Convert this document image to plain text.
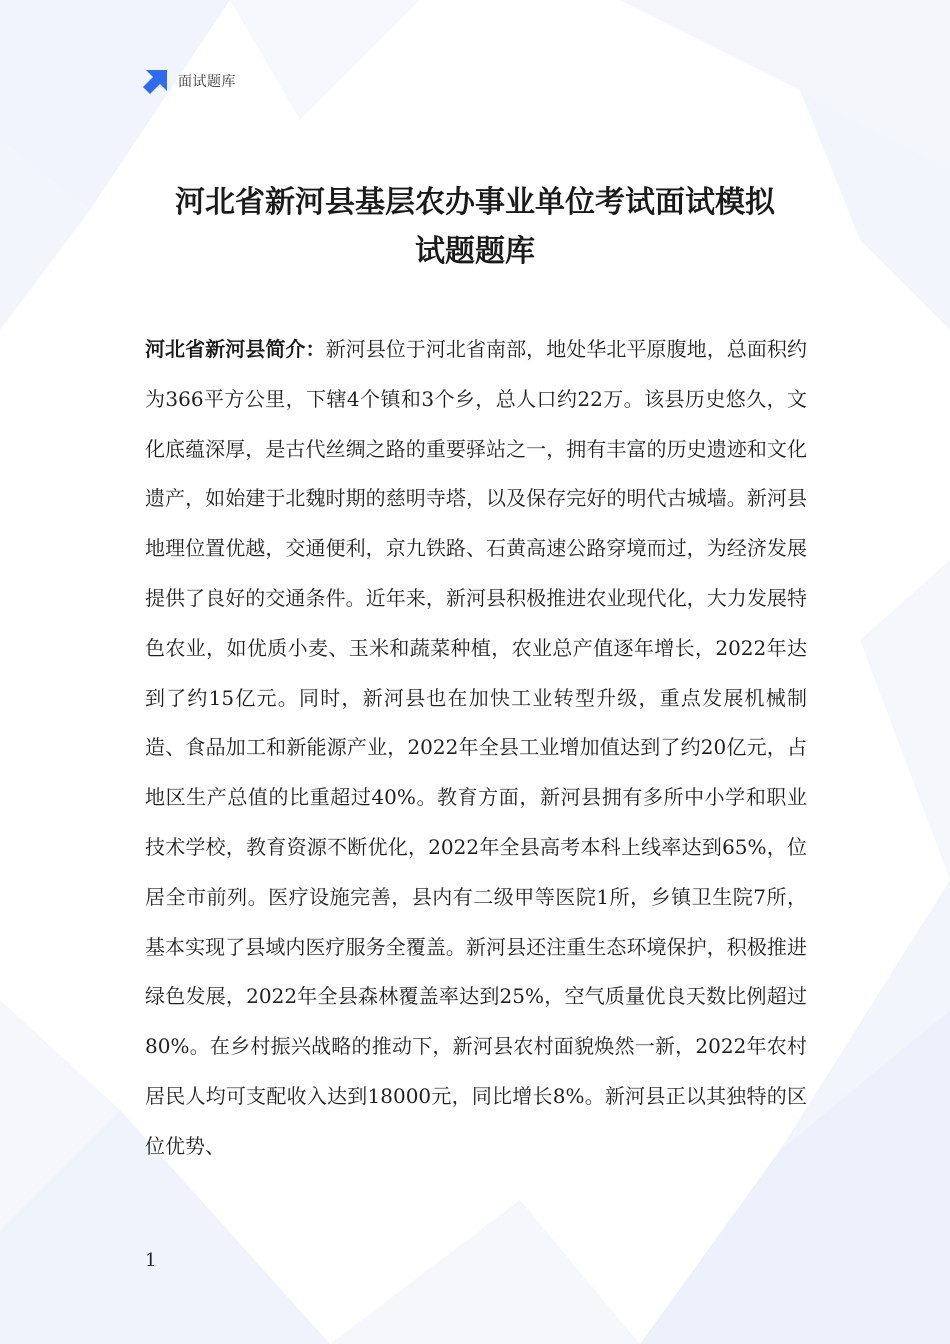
面试题库
河北省新河县基层农办事业单位考试面试模拟
试题题库

河北省新河县简介：新河县位于河北省南部，地处华北平原腹地，总面积约为366平方公里，下辖4个镇和3个乡，总人口约22万。该县历史悠久，文化底蕴深厚，是古代丝绸之路的重要驿站之一，拥有丰富的历史遗迹和文化遗产，如始建于北魏时期的慈明寺塔，以及保存完好的明代古城墙。新河县地理位置优越，交通便利，京九铁路、石黄高速公路穿境而过，为经济发展提供了良好的交通条件。近年来，新河县积极推进农业现代化，大力发展特色农业，如优质小麦、玉米和蔬菜种植，农业总产值逐年增长，2022年达到了约15亿元。同时，新河县也在加快工业转型升级，重点发展机械制造、食品加工和新能源产业，2022年全县工业增加值达到了约20亿元，占地区生产总值的比重超过40%。教育方面，新河县拥有多所中小学和职业技术学校，教育资源不断优化，2022年全县高考本科上线率达到65%，位居全市前列。医疗设施完善，县内有二级甲等医院1所，乡镇卫生院7所，基本实现了县域内医疗服务全覆盖。新河县还注重生态环境保护，积极推进绿色发展，2022年全县森林覆盖率达到25%，空气质量优良天数比例超过80%。在乡村振兴战略的推动下，新河县农村面貌焕然一新，2022年农村居民人均可支配收入达到18000元，同比增长8%。新河县正以其独特的区位优势、

1
